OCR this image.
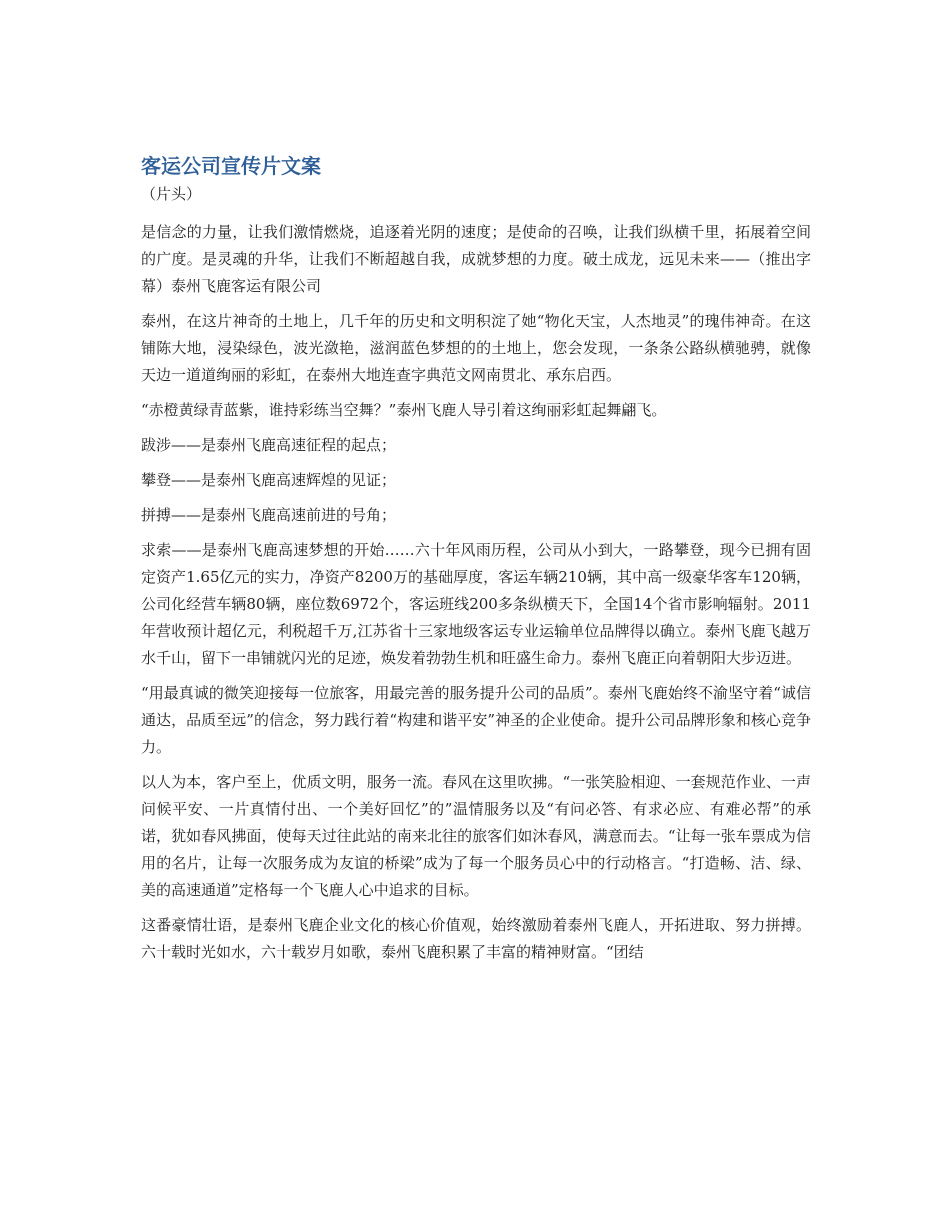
客运公司宣传片文案
（片头）

是信念的力量，让我们激情燃烧，追逐着光阴的速度；是使命的召唤，让我们纵横千里，拓展着空间的广度。是灵魂的升华，让我们不断超越自我，成就梦想的力度。破土成龙，远见未来——（推出字幕）泰州飞鹿客运有限公司

泰州，在这片神奇的土地上，几千年的历史和文明积淀了她“物化天宝，人杰地灵”的瑰伟神奇。在这铺陈大地，浸染绿色，波光潋艳，滋润蓝色梦想的的土地上，您会发现，一条条公路纵横驰骋，就像天边一道道绚丽的彩虹，在泰州大地连查字典范文网南贯北、承东启西。

“赤橙黄绿青蓝紫，谁持彩练当空舞？”泰州飞鹿人导引着这绚丽彩虹起舞翩飞。

跋涉——是泰州飞鹿高速征程的起点；

攀登——是泰州飞鹿高速辉煌的见证；

拼搏——是泰州飞鹿高速前进的号角；

求索——是泰州飞鹿高速梦想的开始……六十年风雨历程，公司从小到大，一路攀登，现今已拥有固定资产1.65亿元的实力，净资产8200万的基础厚度，客运车辆210辆，其中高一级豪华客车120辆，公司化经营车辆80辆，座位数6972个，客运班线200多条纵横天下，全国14个省市影响辐射。2011年营收预计超亿元，利税超千万,江苏省十三家地级客运专业运输单位品牌得以确立。泰州飞鹿飞越万水千山，留下一串铺就闪光的足迹，焕发着勃勃生机和旺盛生命力。泰州飞鹿正向着朝阳大步迈进。

“用最真诚的微笑迎接每一位旅客，用最完善的服务提升公司的品质”。泰州飞鹿始终不渝坚守着“诚信通达，品质至远”的信念，努力践行着“构建和谐平安”神圣的企业使命。提升公司品牌形象和核心竞争力。

以人为本，客户至上，优质文明，服务一流。春风在这里吹拂。“一张笑脸相迎、一套规范作业、一声问候平安、一片真情付出、一个美好回忆”的”温情服务以及“有问必答、有求必应、有难必帮”的承诺，犹如春风拂面，使每天过往此站的南来北往的旅客们如沐春风，满意而去。“让每一张车票成为信用的名片，让每一次服务成为友谊的桥梁”成为了每一个服务员心中的行动格言。“打造畅、洁、绿、美的高速通道”定格每一个飞鹿人心中追求的目标。

这番豪情壮语，是泰州飞鹿企业文化的核心价值观，始终激励着泰州飞鹿人，开拓进取、努力拼搏。六十载时光如水，六十载岁月如歌，泰州飞鹿积累了丰富的精神财富。“团结
